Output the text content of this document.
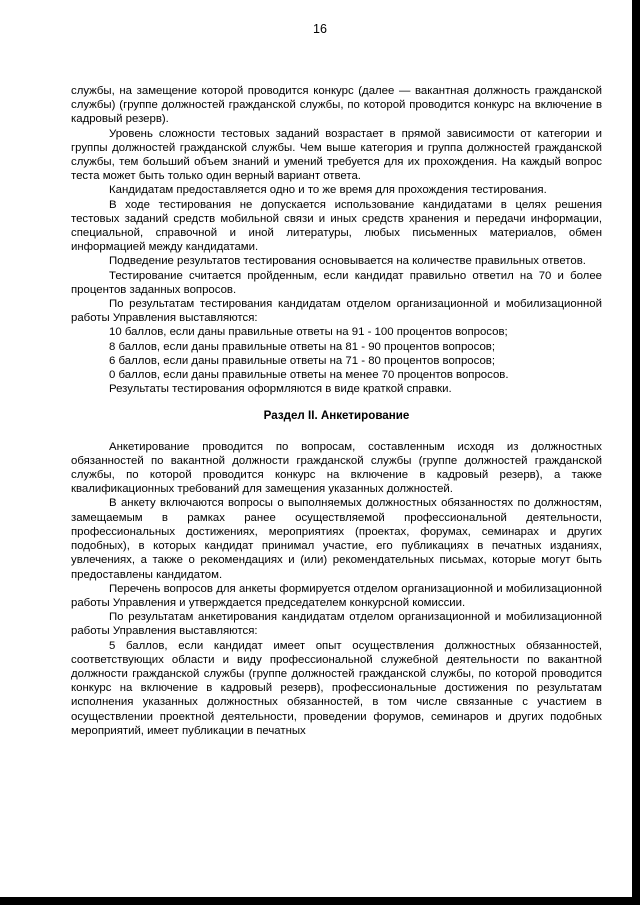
16

службы, на замещение которой проводится конкурс (далее — вакантная должность гражданской службы) (группе должностей гражданской службы, по которой проводится конкурс на включение в кадровый резерв).

Уровень сложности тестовых заданий возрастает в прямой зависимости от категории и группы должностей гражданской службы. Чем выше категория и группа должностей гражданской службы, тем больший объем знаний и умений требуется для их прохождения. На каждый вопрос теста может быть только один верный вариант ответа.

Кандидатам предоставляется одно и то же время для прохождения тестирования.

В ходе тестирования не допускается использование кандидатами в целях решения тестовых заданий средств мобильной связи и иных средств хранения и передачи информации, специальной, справочной и иной литературы, любых письменных материалов, обмен информацией между кандидатами.

Подведение результатов тестирования основывается на количестве правильных ответов.

Тестирование считается пройденным, если кандидат правильно ответил на 70 и более процентов заданных вопросов.

По результатам тестирования кандидатам отделом организационной и мобилизационной работы Управления выставляются:

10 баллов, если даны правильные ответы на 91 - 100 процентов вопросов;

8 баллов, если даны правильные ответы на 81 - 90 процентов вопросов;

6 баллов, если даны правильные ответы на 71 - 80 процентов вопросов;

0 баллов, если даны правильные ответы на менее 70 процентов вопросов.

Результаты тестирования оформляются в виде краткой справки.

Раздел II. Анкетирование

Анкетирование проводится по вопросам, составленным исходя из должностных обязанностей по вакантной должности гражданской службы (группе должностей гражданской службы, по которой проводится конкурс на включение в кадровый резерв), а также квалификационных требований для замещения указанных должностей.

В анкету включаются вопросы о выполняемых должностных обязанностях по должностям, замещаемым в рамках ранее осуществляемой профессиональной деятельности, профессиональных достижениях, мероприятиях (проектах, форумах, семинарах и других подобных), в которых кандидат принимал участие, его публикациях в печатных изданиях, увлечениях, а также о рекомендациях и (или) рекомендательных письмах, которые могут быть предоставлены кандидатом.

Перечень вопросов для анкеты формируется отделом организационной и мобилизационной работы Управления и утверждается председателем конкурсной комиссии.

По результатам анкетирования кандидатам отделом организационной и мобилизационной работы Управления выставляются:

5 баллов, если кандидат имеет опыт осуществления должностных обязанностей, соответствующих области и виду профессиональной служебной деятельности по вакантной должности гражданской службы (группе должностей гражданской службы, по которой проводится конкурс на включение в кадровый резерв), профессиональные достижения по результатам исполнения указанных должностных обязанностей, в том числе связанные с участием в осуществлении проектной деятельности, проведении форумов, семинаров и других подобных мероприятий, имеет публикации в печатных
